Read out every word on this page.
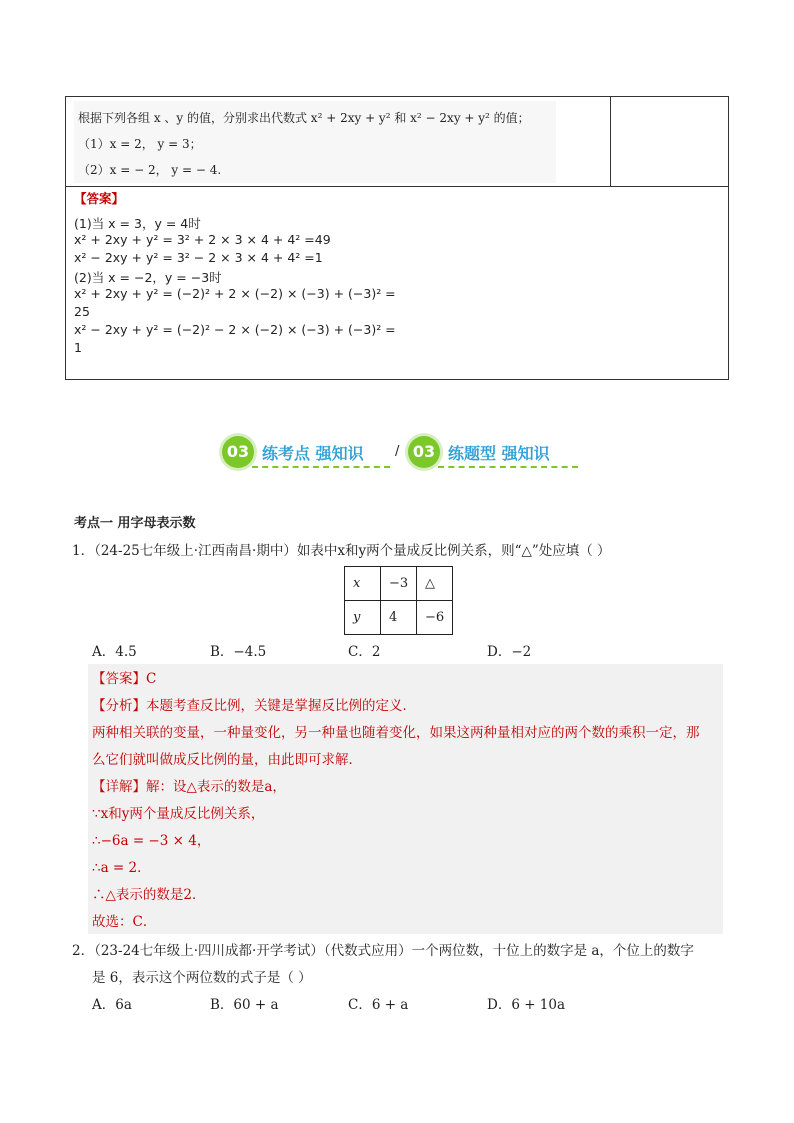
根据下列各组 x 、y 的值，分别求出代数式 x² + 2xy + y² 和 x² − 2xy + y² 的值；
（1）x = 2， y = 3；
（2）x = − 2， y = − 4.
【答案】
(1)当 x = 3，y = 4时
x² + 2xy + y² = 3² + 2 × 3 × 4 + 4² =49
x² − 2xy + y² = 3² − 2 × 3 × 4 + 4² =1
(2)当 x = −2，y = −3时
x² + 2xy + y² = (−2)² + 2 × (−2) × (−3) + (−3)² =
25
x² − 2xy + y² = (−2)² − 2 × (−2) × (−3) + (−3)² =
1
03 练考点 强知识 / 03 练题型 强知识
考点一 用字母表示数
1．（24-25七年级上·江西南昌·期中）如表中x和y两个量成反比例关系，则“△”处应填（ ）
x	−3	△
y	4	−6
A．4.5	B．−4.5	C．2	D．−2
【答案】C
【分析】本题考查反比例，关键是掌握反比例的定义．
两种相关联的变量，一种量变化，另一种量也随着变化，如果这两种量相对应的两个数的乘积一定，那
么它们就叫做成反比例的量，由此即可求解．
【详解】解：设△表示的数是a，
∵x和y两个量成反比例关系，
∴−6a = −3 × 4，
∴a = 2．
∴△表示的数是2．
故选：C．
2．（23-24七年级上·四川成都·开学考试）（代数式应用）一个两位数，十位上的数字是 a，个位上的数字
是 6，表示这个两位数的式子是（ ）
A．6a	B．60 + a	C．6 + a	D．6 + 10a
